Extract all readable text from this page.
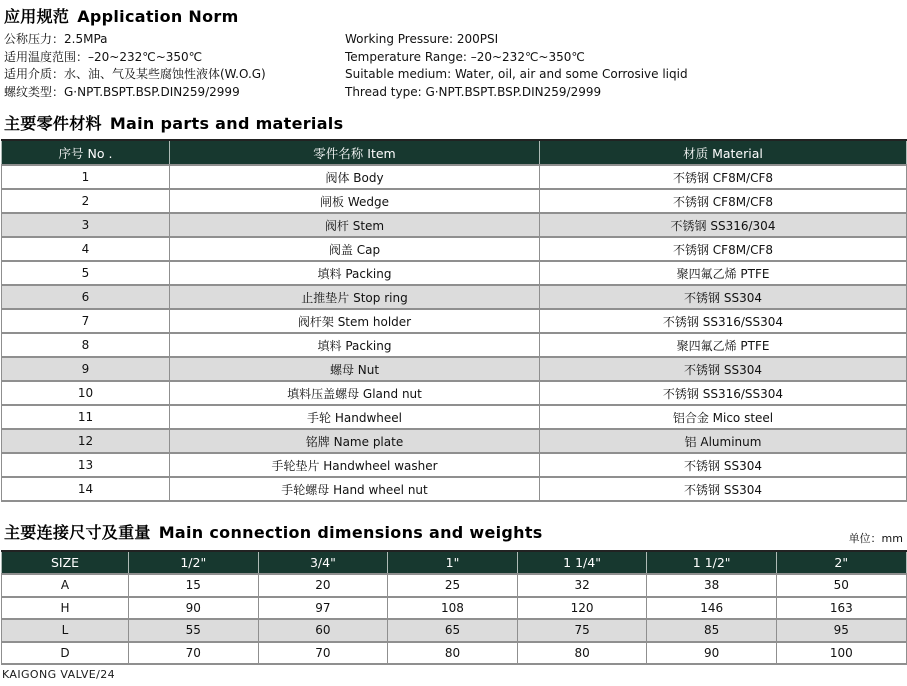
应用规范 Application Norm
公称压力：2.5MPa
适用温度范围：–20~232℃~350℃
适用介质：水、油、气及某些腐蚀性液体(W.O.G)
螺纹类型：G·NPT.BSPT.BSP.DIN259/2999
Working Pressure: 200PSI
Temperature Range: –20~232℃~350℃
Suitable medium: Water, oil, air and some Corrosive liqid
Thread type: G·NPT.BSPT.BSP.DIN259/2999
主要零件材料 Main parts and materials
序号 No .	零件名称 Item	材质 Material
1	阀体 Body	不锈钢 CF8M/CF8
2	闸板 Wedge	不锈钢 CF8M/CF8
3	阀杆 Stem	不锈钢 SS316/304
4	阀盖 Cap	不锈钢 CF8M/CF8
5	填料 Packing	聚四氟乙烯 PTFE
6	止推垫片 Stop ring	不锈钢 SS304
7	阀杆架 Stem holder	不锈钢 SS316/SS304
8	填料 Packing	聚四氟乙烯 PTFE
9	螺母 Nut	不锈钢 SS304
10	填料压盖螺母 Gland nut	不锈钢 SS316/SS304
11	手轮 Handwheel	铝合金 Mico steel
12	铭牌 Name plate	铝 Aluminum
13	手轮垫片 Handwheel washer	不锈钢 SS304
14	手轮螺母 Hand wheel nut	不锈钢 SS304
主要连接尺寸及重量 Main connection dimensions and weights	单位：mm
SIZE	1/2"	3/4"	1"	1 1/4"	1 1/2"	2"
A	15	20	25	32	38	50
H	90	97	108	120	146	163
L	55	60	65	75	85	95
D	70	70	80	80	90	100
KAIGONG VALVE/24
